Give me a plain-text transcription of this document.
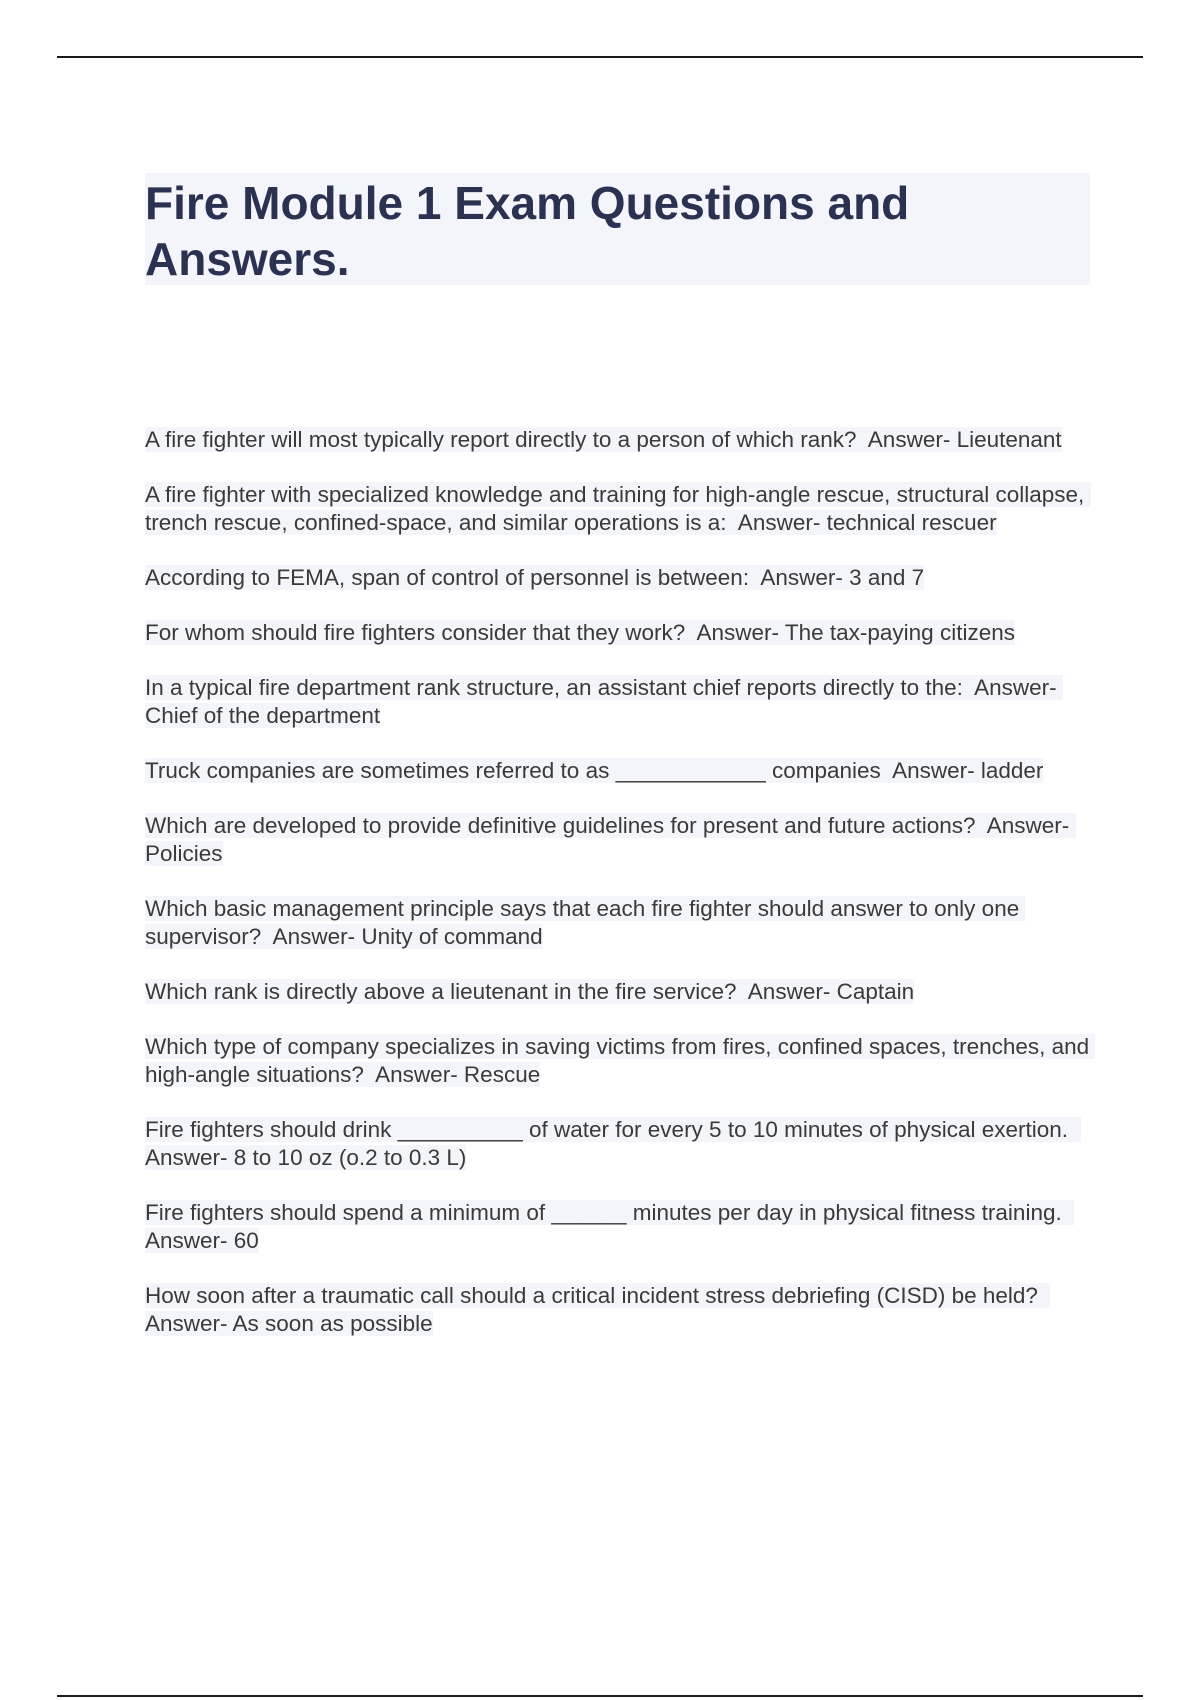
Fire Module 1 Exam Questions and Answers.
A fire fighter will most typically report directly to a person of which rank?  Answer- Lieutenant
A fire fighter with specialized knowledge and training for high-angle rescue, structural collapse, trench rescue, confined-space, and similar operations is a:  Answer- technical rescuer
According to FEMA, span of control of personnel is between:  Answer- 3 and 7
For whom should fire fighters consider that they work?  Answer- The tax-paying citizens
In a typical fire department rank structure, an assistant chief reports directly to the:  Answer- Chief of the department
Truck companies are sometimes referred to as ____________ companies  Answer- ladder
Which are developed to provide definitive guidelines for present and future actions?  Answer- Policies
Which basic management principle says that each fire fighter should answer to only one supervisor?  Answer- Unity of command
Which rank is directly above a lieutenant in the fire service?  Answer- Captain
Which type of company specializes in saving victims from fires, confined spaces, trenches, and high-angle situations?  Answer- Rescue
Fire fighters should drink __________ of water for every 5 to 10 minutes of physical exertion.  Answer- 8 to 10 oz (o.2 to 0.3 L)
Fire fighters should spend a minimum of ______ minutes per day in physical fitness training.  Answer- 60
How soon after a traumatic call should a critical incident stress debriefing (CISD) be held?  Answer- As soon as possible
